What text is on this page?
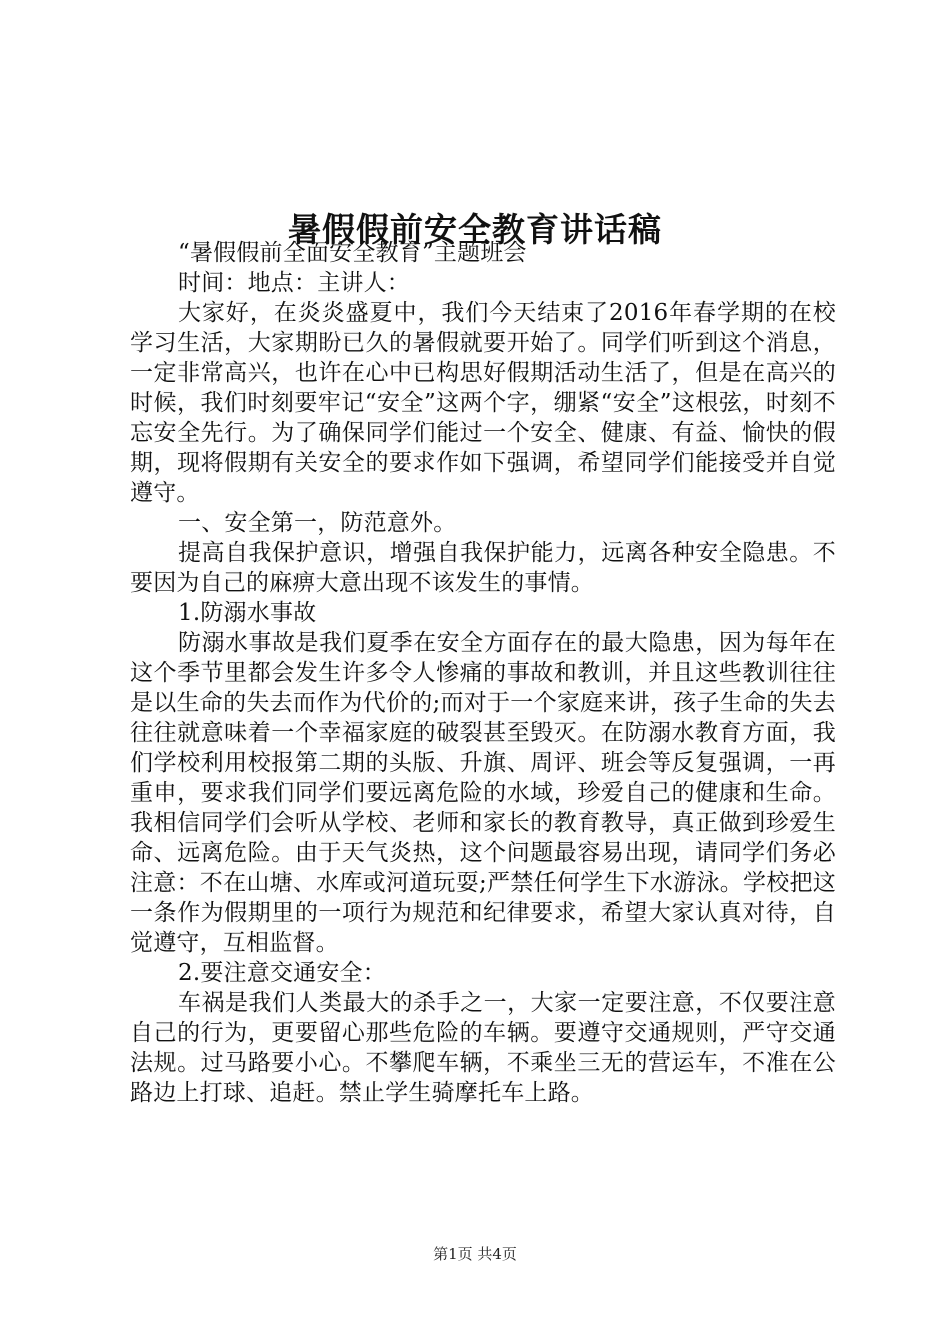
暑假假前安全教育讲话稿

“暑假假前全面安全教育”主题班会

时间：地点：主讲人：

大家好，在炎炎盛夏中，我们今天结束了2016年春学期的在校学习生活，大家期盼已久的暑假就要开始了。同学们听到这个消息，一定非常高兴，也许在心中已构思好假期活动生活了，但是在高兴的时候，我们时刻要牢记“安全”这两个字，绷紧“安全”这根弦，时刻不忘安全先行。为了确保同学们能过一个安全、健康、有益、愉快的假期，现将假期有关安全的要求作如下强调，希望同学们能接受并自觉遵守。

一、安全第一，防范意外。

提高自我保护意识，增强自我保护能力，远离各种安全隐患。不要因为自己的麻痹大意出现不该发生的事情。

1.防溺水事故

防溺水事故是我们夏季在安全方面存在的最大隐患，因为每年在这个季节里都会发生许多令人惨痛的事故和教训，并且这些教训往往是以生命的失去而作为代价的;而对于一个家庭来讲，孩子生命的失去往往就意味着一个幸福家庭的破裂甚至毁灭。在防溺水教育方面，我们学校利用校报第二期的头版、升旗、周评、班会等反复强调，一再重申，要求我们同学们要远离危险的水域，珍爱自己的健康和生命。我相信同学们会听从学校、老师和家长的教育教导，真正做到珍爱生命、远离危险。由于天气炎热，这个问题最容易出现，请同学们务必注意：不在山塘、水库或河道玩耍;严禁任何学生下水游泳。学校把这一条作为假期里的一项行为规范和纪律要求，希望大家认真对待，自觉遵守，互相监督。

2.要注意交通安全：

车祸是我们人类最大的杀手之一，大家一定要注意，不仅要注意自己的行为，更要留心那些危险的车辆。要遵守交通规则，严守交通法规。过马路要小心。不攀爬车辆，不乘坐三无的营运车，不准在公路边上打球、追赶。禁止学生骑摩托车上路。

第1页 共4页
